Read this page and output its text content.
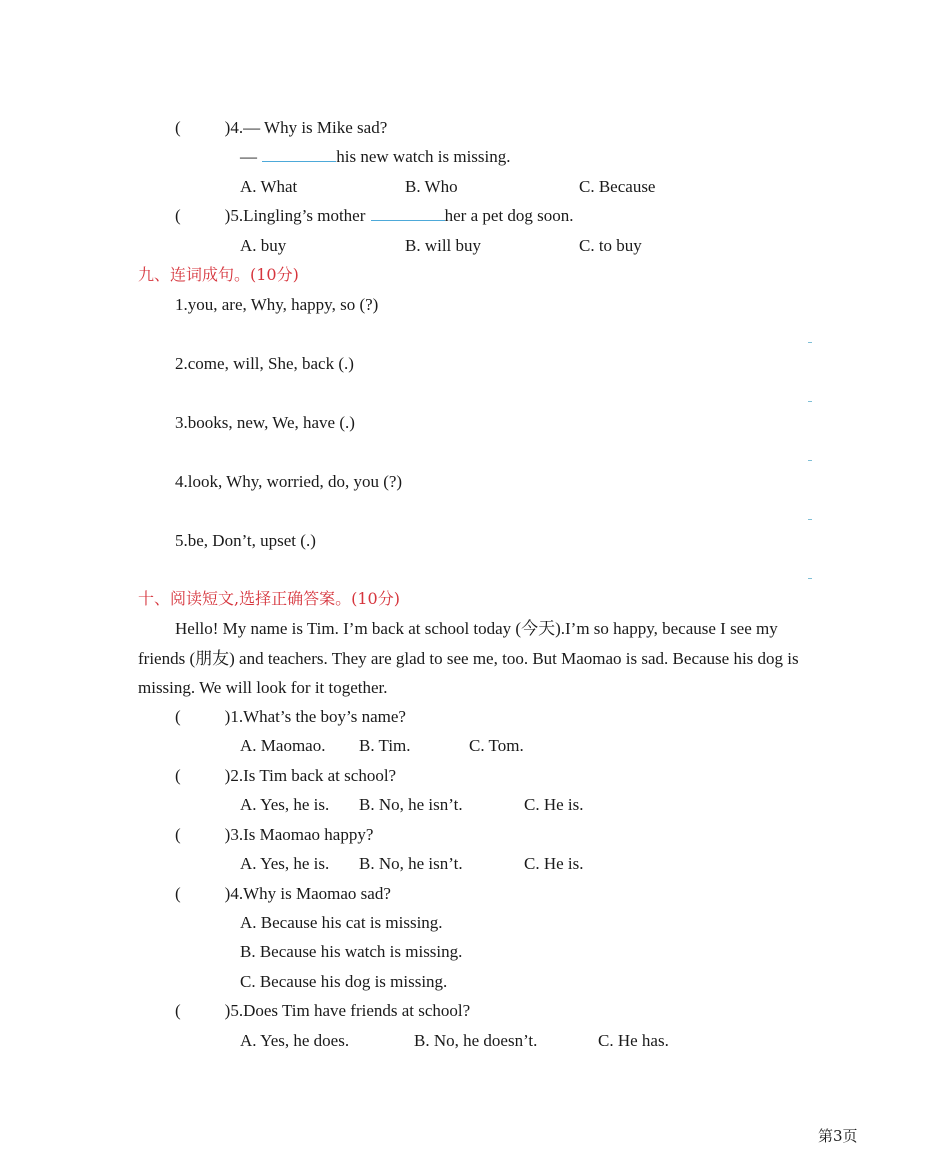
(	)4.— Why is Mike sad?
—	his new watch is missing.
A. What	B. Who	C. Because
(	)5.Lingling’s mother	her a pet dog soon.
A. buy	B. will buy	C. to buy
九、连词成句。(10分)
1.you, are, Why, happy, so (?)
2.come, will, She, back (.)
3.books, new, We, have (.)
4.look, Why, worried, do, you (?)
5.be, Don’t, upset (.)
十、阅读短文,选择正确答案。(10分)
Hello! My name is Tim. I’m back at school today (今天).I’m so happy, because I see my friends (朋友) and teachers. They are glad to see me, too. But Maomao is sad. Because his dog is missing. We will look for it together.
(	)1.What’s the boy’s name?
A. Maomao. B. Tim.	C. Tom.
(	)2.Is Tim back at school?
A. Yes, he is. B. No, he isn’t.	C. He is.
(	)3.Is Maomao happy?
A. Yes, he is. B. No, he isn’t.	C. He is.
(	)4.Why is Maomao sad?
A. Because his cat is missing.
B. Because his watch is missing.
C. Because his dog is missing.
(	)5.Does Tim have friends at school?
A. Yes, he does.	B. No, he doesn’t.	C. He has.
第3页
